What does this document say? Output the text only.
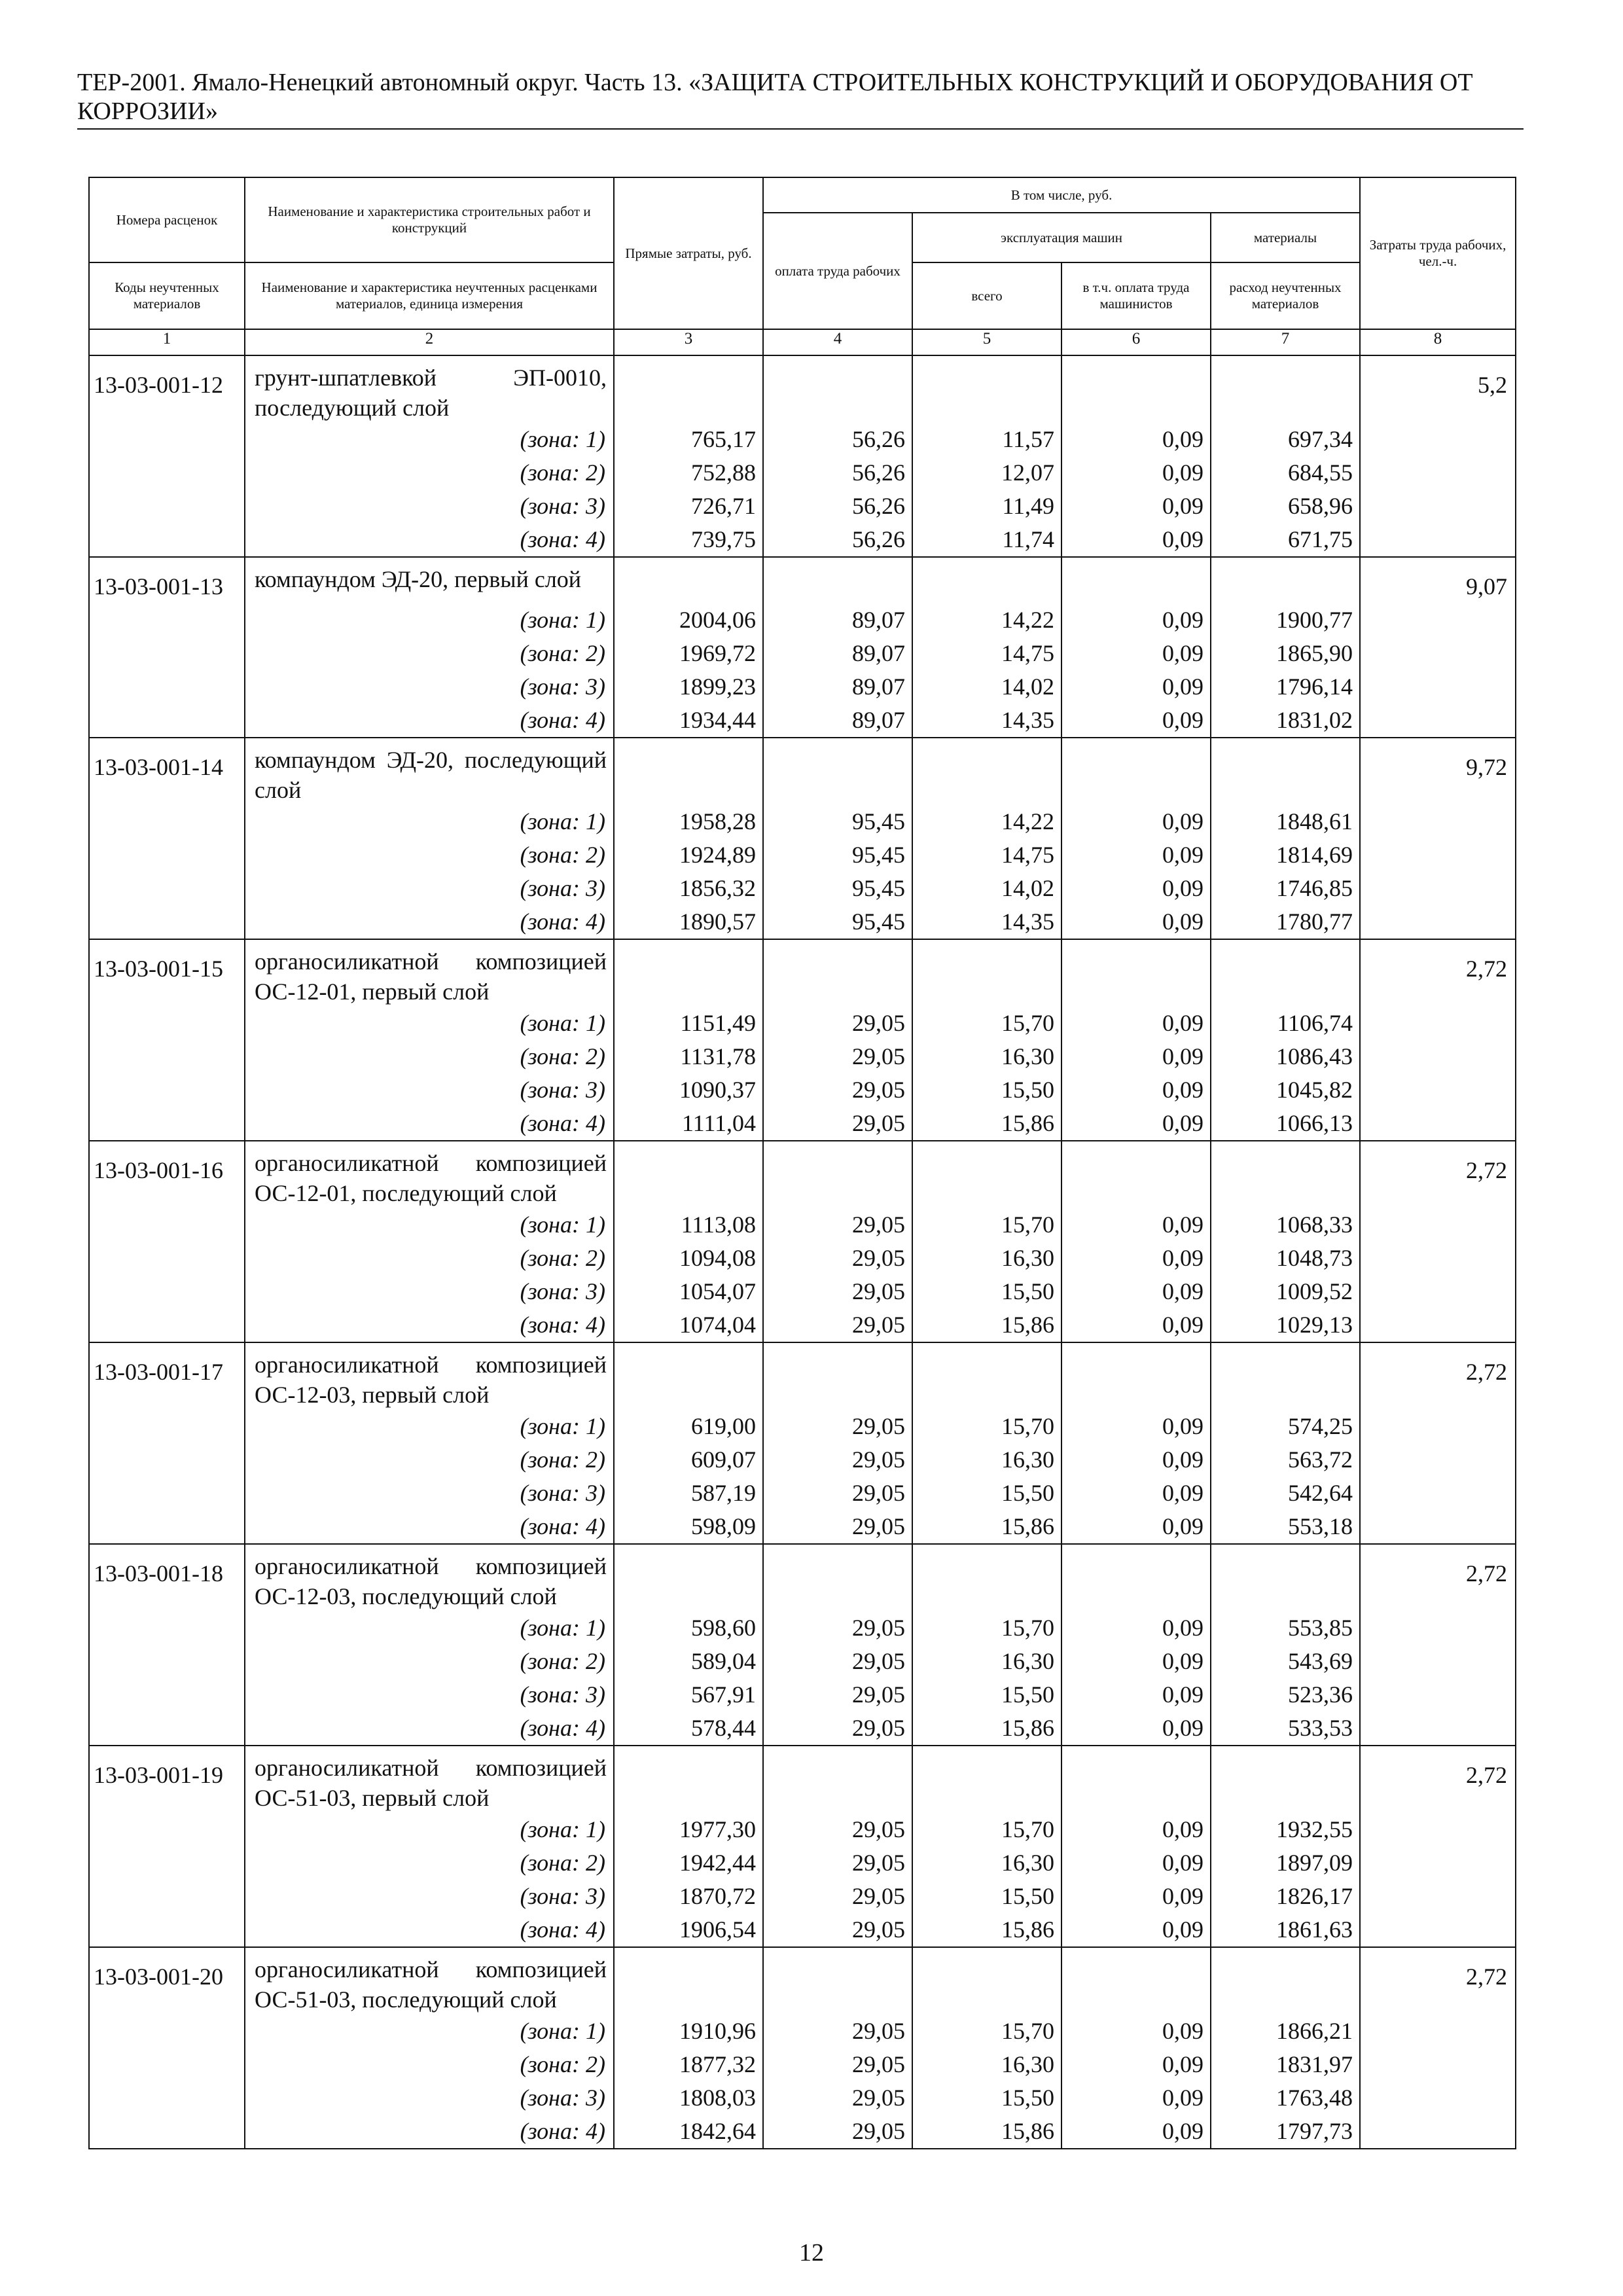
ТЕР-2001. Ямало-Ненецкий автономный округ. Часть 13. «ЗАЩИТА СТРОИТЕЛЬНЫХ КОНСТРУКЦИЙ И ОБОРУДОВАНИЯ ОТ КОРРОЗИИ»
Номера расценок	Наименование и характеристика строительных работ и конструкций	Прямые затраты, руб.	В том числе, руб.				Затраты труда рабочих, чел.-ч.
			оплата труда рабочих	эксплуатация машин		материалы	
Коды неучтенных материалов	Наименование и характеристика неучтенных расценками материалов, единица измерения			всего	в т.ч. оплата труда машинистов	расход неучтенных материалов	
1	2	3	4	5	6	7	8

13-03-001-12	грунт-шпатлевкой ЭП-0010, последующий слой						5,2

	(зона: 1)	765,17	56,26	11,57	0,09	697,34	
	(зона: 2)	752,88	56,26	12,07	0,09	684,55	
	(зона: 3)	726,71	56,26	11,49	0,09	658,96	
	(зона: 4)	739,75	56,26	11,74	0,09	671,75	

13-03-001-13	компаундом ЭД-20, первый слой						9,07

	(зона: 1)	2004,06	89,07	14,22	0,09	1900,77	
	(зона: 2)	1969,72	89,07	14,75	0,09	1865,90	
	(зона: 3)	1899,23	89,07	14,02	0,09	1796,14	
	(зона: 4)	1934,44	89,07	14,35	0,09	1831,02	

13-03-001-14	компаундом ЭД-20, последующий слой						9,72

	(зона: 1)	1958,28	95,45	14,22	0,09	1848,61	
	(зона: 2)	1924,89	95,45	14,75	0,09	1814,69	
	(зона: 3)	1856,32	95,45	14,02	0,09	1746,85	
	(зона: 4)	1890,57	95,45	14,35	0,09	1780,77	

13-03-001-15	органосиликатной композицией ОС-12-01, первый слой						2,72

	(зона: 1)	1151,49	29,05	15,70	0,09	1106,74	
	(зона: 2)	1131,78	29,05	16,30	0,09	1086,43	
	(зона: 3)	1090,37	29,05	15,50	0,09	1045,82	
	(зона: 4)	1111,04	29,05	15,86	0,09	1066,13	

13-03-001-16	органосиликатной композицией ОС-12-01, последующий слой						2,72

	(зона: 1)	1113,08	29,05	15,70	0,09	1068,33	
	(зона: 2)	1094,08	29,05	16,30	0,09	1048,73	
	(зона: 3)	1054,07	29,05	15,50	0,09	1009,52	
	(зона: 4)	1074,04	29,05	15,86	0,09	1029,13	

13-03-001-17	органосиликатной композицией ОС-12-03, первый слой						2,72

	(зона: 1)	619,00	29,05	15,70	0,09	574,25	
	(зона: 2)	609,07	29,05	16,30	0,09	563,72	
	(зона: 3)	587,19	29,05	15,50	0,09	542,64	
	(зона: 4)	598,09	29,05	15,86	0,09	553,18	

13-03-001-18	органосиликатной композицией ОС-12-03, последующий слой						2,72

	(зона: 1)	598,60	29,05	15,70	0,09	553,85	
	(зона: 2)	589,04	29,05	16,30	0,09	543,69	
	(зона: 3)	567,91	29,05	15,50	0,09	523,36	
	(зона: 4)	578,44	29,05	15,86	0,09	533,53	

13-03-001-19	органосиликатной композицией ОС-51-03, первый слой						2,72

	(зона: 1)	1977,30	29,05	15,70	0,09	1932,55	
	(зона: 2)	1942,44	29,05	16,30	0,09	1897,09	
	(зона: 3)	1870,72	29,05	15,50	0,09	1826,17	
	(зона: 4)	1906,54	29,05	15,86	0,09	1861,63	

13-03-001-20	органосиликатной композицией ОС-51-03, последующий слой						2,72

	(зона: 1)	1910,96	29,05	15,70	0,09	1866,21	
	(зона: 2)	1877,32	29,05	16,30	0,09	1831,97	
	(зона: 3)	1808,03	29,05	15,50	0,09	1763,48	
	(зона: 4)	1842,64	29,05	15,86	0,09	1797,73	
12
